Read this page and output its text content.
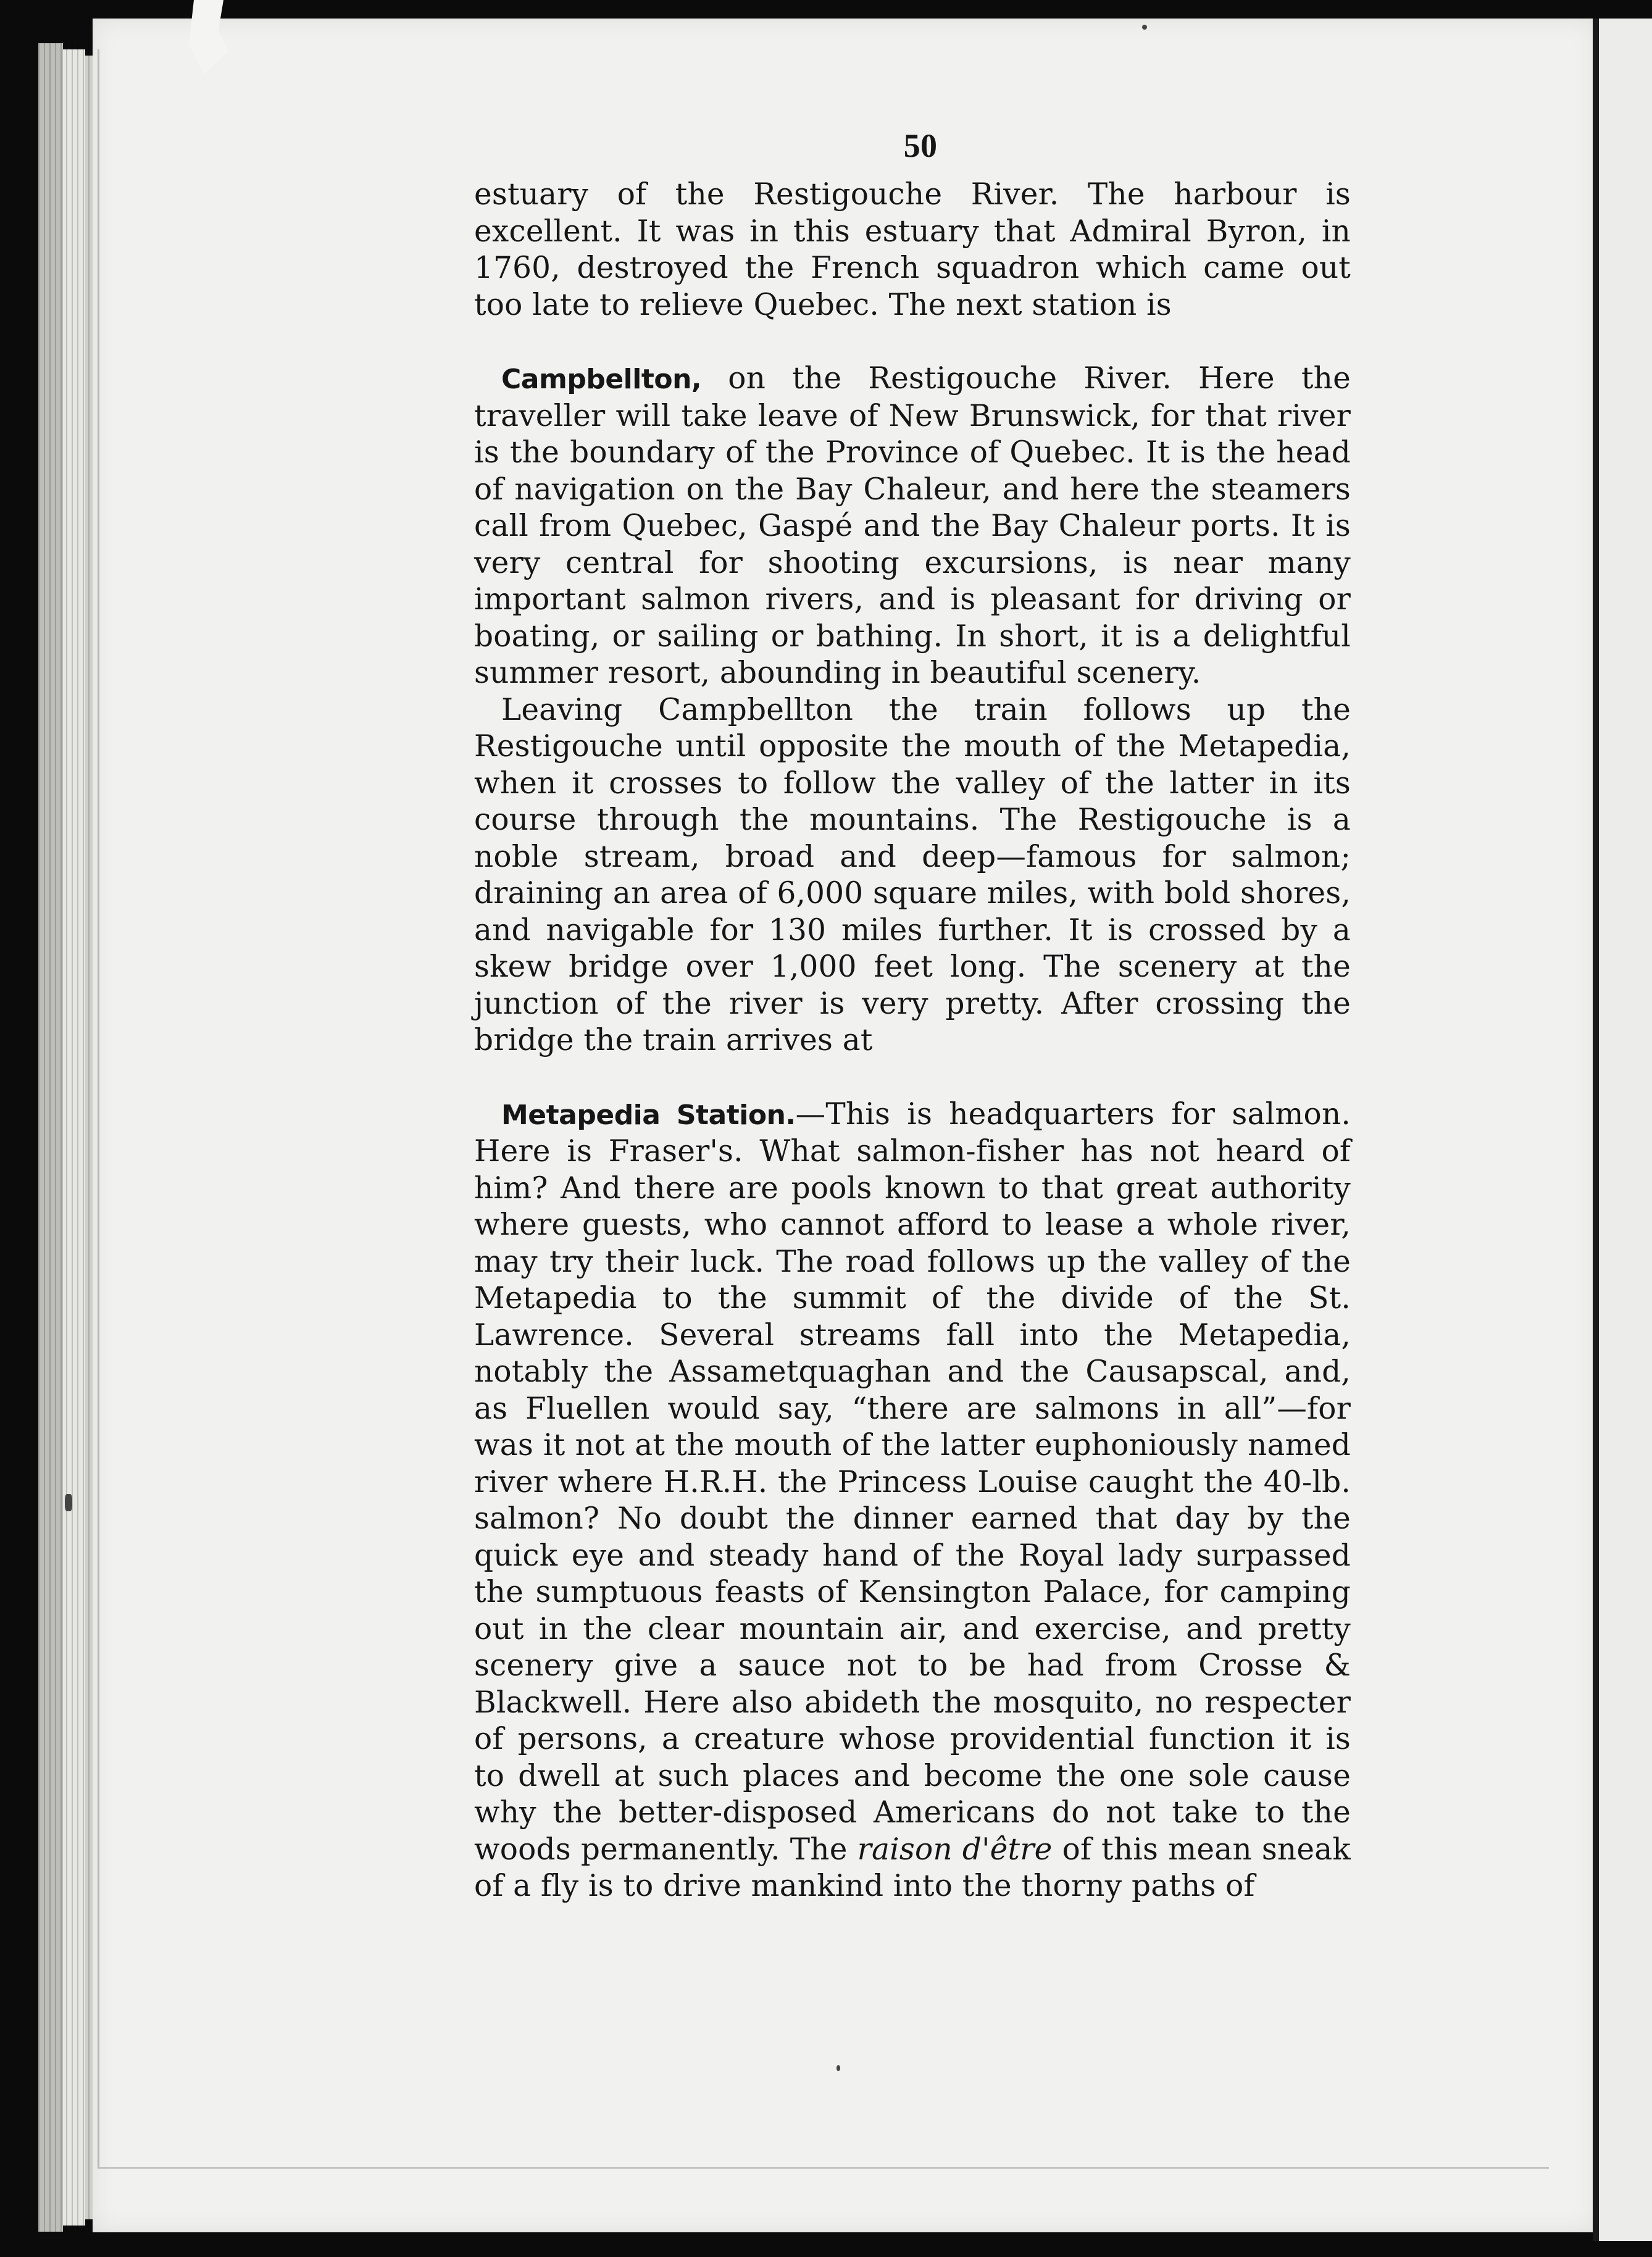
50

estuary of the Restigouche River. The harbour is excellent. It was in this estuary that Admiral Byron, in 1760, destroyed the French squadron which came out too late to relieve Quebec. The next station is

Campbellton, on the Restigouche River. Here the traveller will take leave of New Brunswick, for that river is the boundary of the Province of Quebec. It is the head of navigation on the Bay Chaleur, and here the steamers call from Quebec, Gaspé and the Bay Chaleur ports. It is very central for shooting excursions, is near many important salmon rivers, and is pleasant for driving or boating, or sailing or bathing. In short, it is a delightful summer resort, abounding in beautiful scenery.

Leaving Campbellton the train follows up the Restigouche until opposite the mouth of the Metapedia, when it crosses to follow the valley of the latter in its course through the mountains. The Restigouche is a noble stream, broad and deep—famous for salmon; draining an area of 6,000 square miles, with bold shores, and navigable for 130 miles further. It is crossed by a skew bridge over 1,000 feet long. The scenery at the junction of the river is very pretty. After crossing the bridge the train arrives at

Metapedia Station.—This is headquarters for salmon. Here is Fraser's. What salmon-fisher has not heard of him? And there are pools known to that great authority where guests, who cannot afford to lease a whole river, may try their luck. The road follows up the valley of the Metapedia to the summit of the divide of the St. Lawrence. Several streams fall into the Metapedia, notably the Assametquaghan and the Causapscal, and, as Fluellen would say, “there are salmons in all”—for was it not at the mouth of the latter euphoniously named river where H.R.H. the Princess Louise caught the 40-lb. salmon? No doubt the dinner earned that day by the quick eye and steady hand of the Royal lady surpassed the sumptuous feasts of Kensington Palace, for camping out in the clear mountain air, and exercise, and pretty scenery give a sauce not to be had from Crosse & Blackwell. Here also abideth the mosquito, no respecter of persons, a creature whose providential function it is to dwell at such places and become the one sole cause why the better-disposed Americans do not take to the woods permanently. The raison d'être of this mean sneak of a fly is to drive mankind into the thorny paths of
